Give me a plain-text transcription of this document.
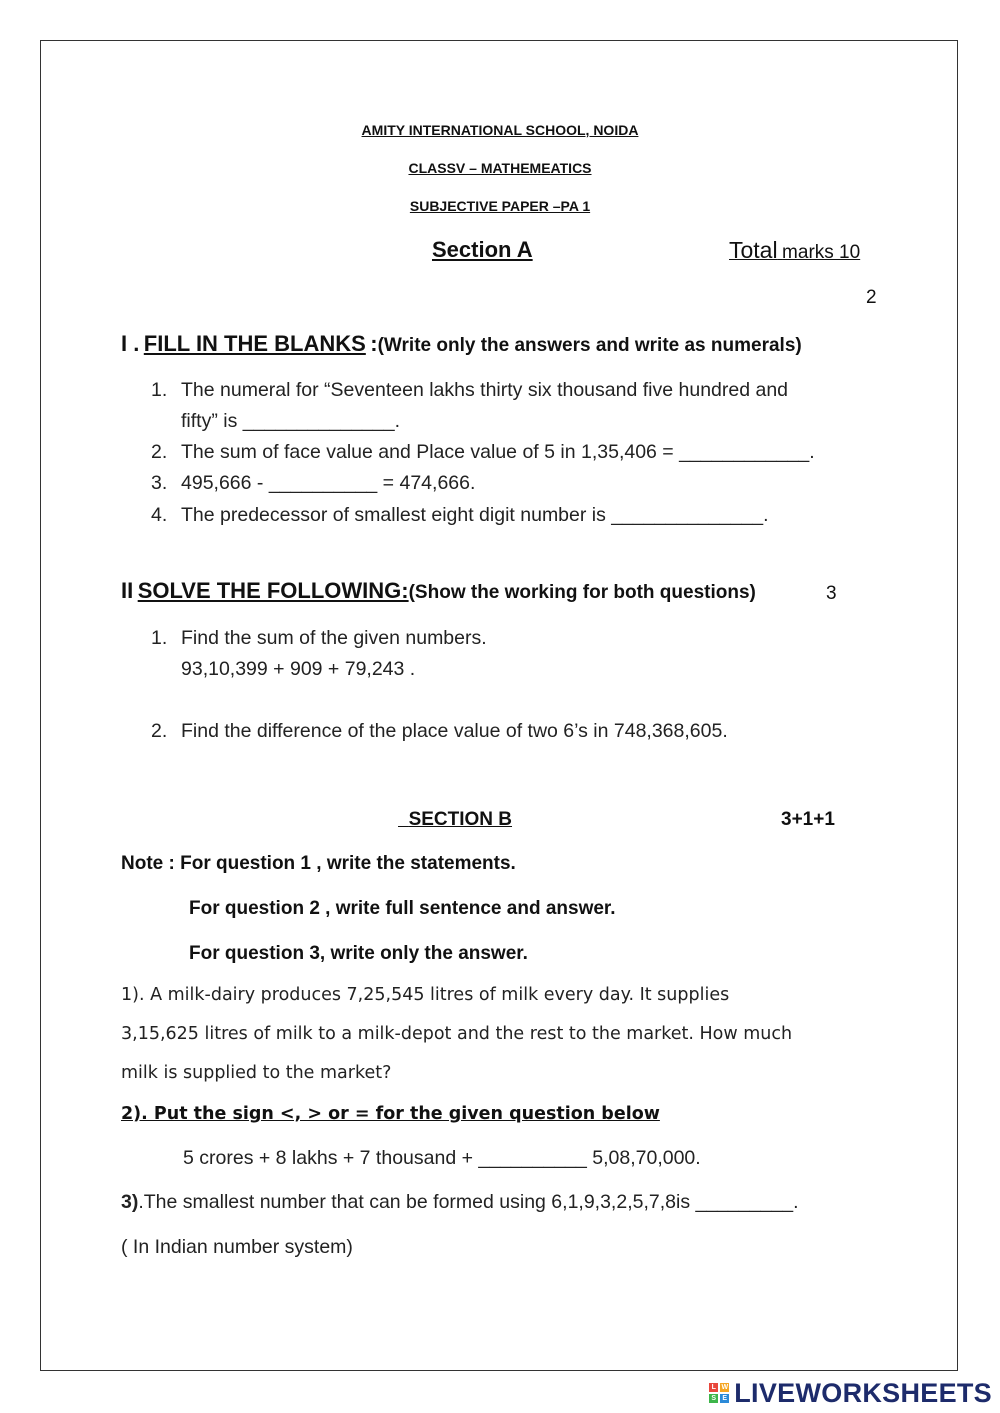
AMITY INTERNATIONAL SCHOOL, NOIDA
CLASSV – MATHEMEATICS
SUBJECTIVE PAPER –PA 1
Section A	Total marks 10
2
I . FILL IN THE BLANKS :(Write only the answers and write as numerals)
1. The numeral for “Seventeen lakhs thirty six thousand five hundred and
fifty” is ______________.
2. The sum of face value and Place value of 5 in 1,35,406 = ____________.
3. 495,666 - __________ = 474,666.
4. The predecessor of smallest eight digit number is ______________.
II SOLVE THE FOLLOWING:(Show the working for both questions)	3
1. Find the sum of the given numbers.
93,10,399 + 909 + 79,243 .
2. Find the difference of the place value of two 6’s in 748,368,605.
SECTION B	3+1+1
Note : For question 1 , write the statements.
For question 2 , write full sentence and answer.
For question 3, write only the answer.
1). A milk-dairy produces 7,25,545 litres of milk every day. It supplies
3,15,625 litres of milk to a milk-depot and the rest to the market. How much
milk is supplied to the market?
2). Put the sign <, > or = for the given question below
5 crores + 8 lakhs + 7 thousand + __________ 5,08,70,000.
3).The smallest number that can be formed using 6,1,9,3,2,5,7,8is _________.
( In Indian number system)
L W
S E LIVEWORKSHEETS
